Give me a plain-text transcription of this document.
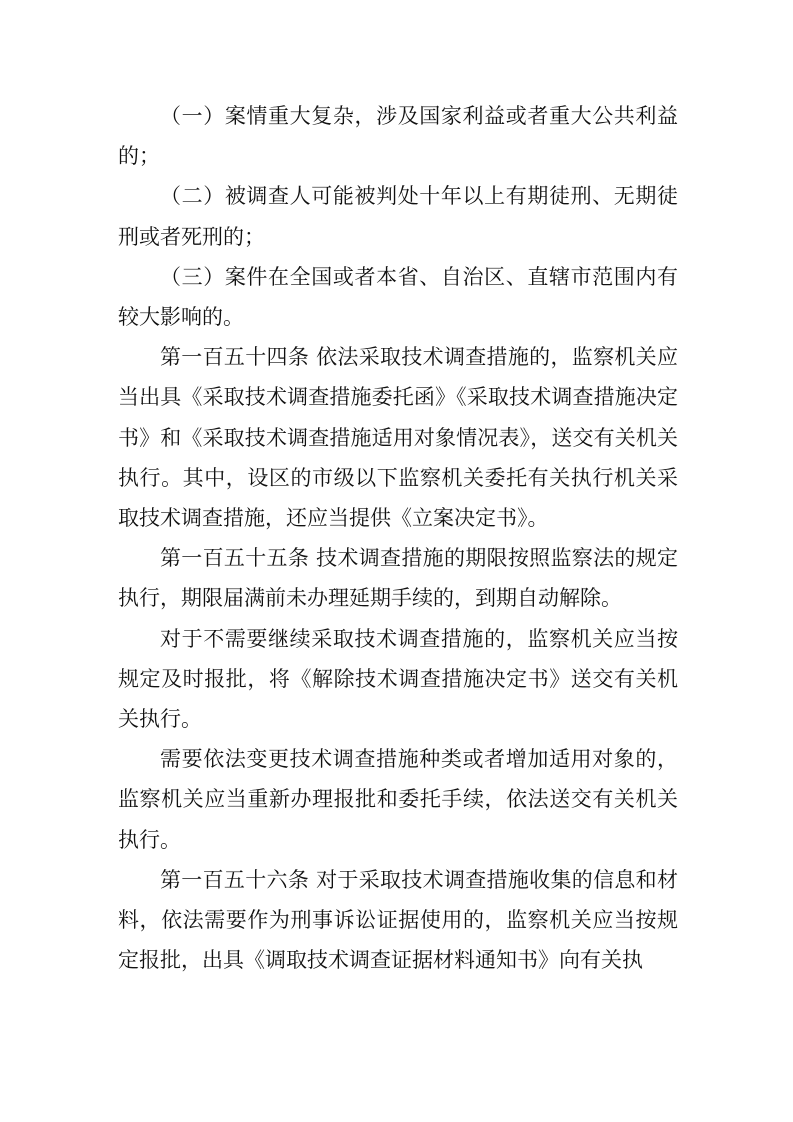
（一）案情重大复杂，涉及国家利益或者重大公共利益的；

（二）被调查人可能被判处十年以上有期徒刑、无期徒刑或者死刑的；

（三）案件在全国或者本省、自治区、直辖市范围内有较大影响的。

第一百五十四条 依法采取技术调查措施的，监察机关应当出具《采取技术调查措施委托函》《采取技术调查措施决定书》和《采取技术调查措施适用对象情况表》，送交有关机关执行。其中，设区的市级以下监察机关委托有关执行机关采取技术调查措施，还应当提供《立案决定书》。

第一百五十五条 技术调查措施的期限按照监察法的规定执行，期限届满前未办理延期手续的，到期自动解除。

对于不需要继续采取技术调查措施的，监察机关应当按规定及时报批，将《解除技术调查措施决定书》送交有关机关执行。

需要依法变更技术调查措施种类或者增加适用对象的，监察机关应当重新办理报批和委托手续，依法送交有关机关执行。

第一百五十六条 对于采取技术调查措施收集的信息和材料，依法需要作为刑事诉讼证据使用的，监察机关应当按规定报批，出具《调取技术调查证据材料通知书》向有关执
